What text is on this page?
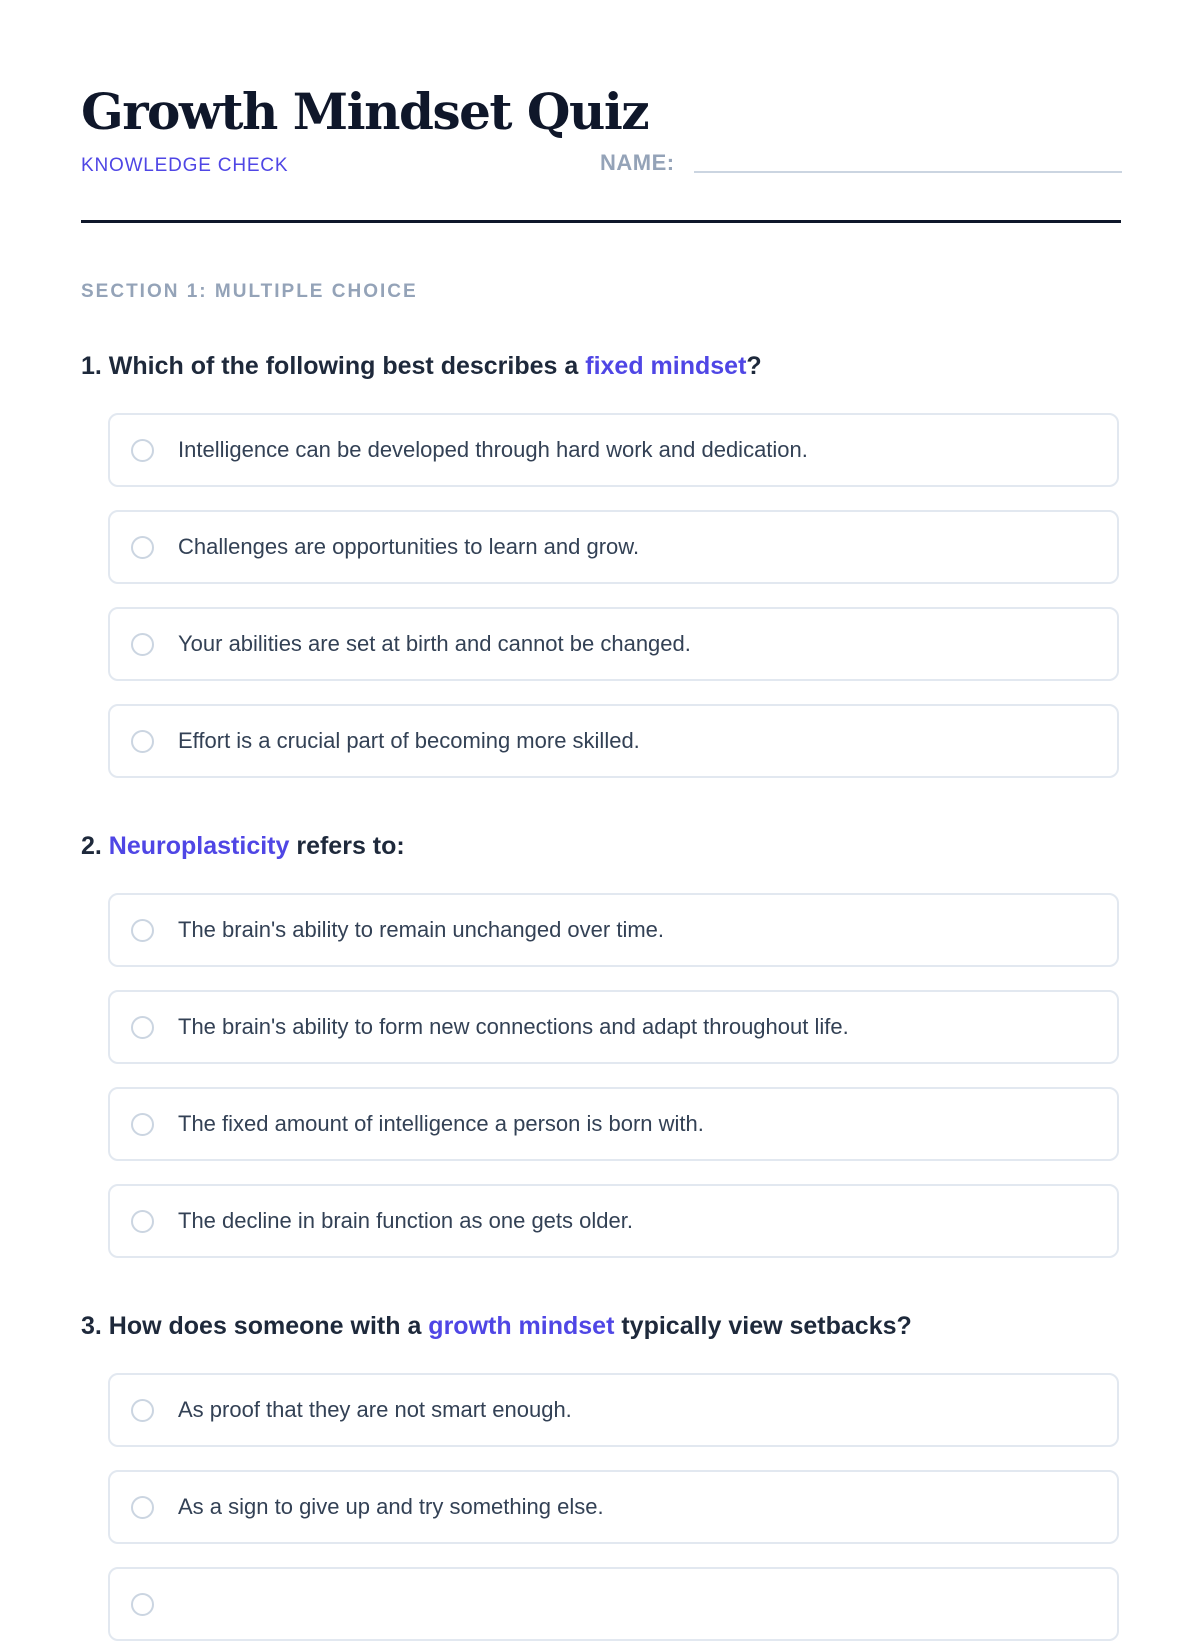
Growth Mindset Quiz
KNOWLEDGE CHECK	NAME:
SECTION 1: MULTIPLE CHOICE
1. Which of the following best describes a fixed mindset?
Intelligence can be developed through hard work and dedication.
Challenges are opportunities to learn and grow.
Your abilities are set at birth and cannot be changed.
Effort is a crucial part of becoming more skilled.
2. Neuroplasticity refers to:
The brain's ability to remain unchanged over time.
The brain's ability to form new connections and adapt throughout life.
The fixed amount of intelligence a person is born with.
The decline in brain function as one gets older.
3. How does someone with a growth mindset typically view setbacks?
As proof that they are not smart enough.
As a sign to give up and try something else.
